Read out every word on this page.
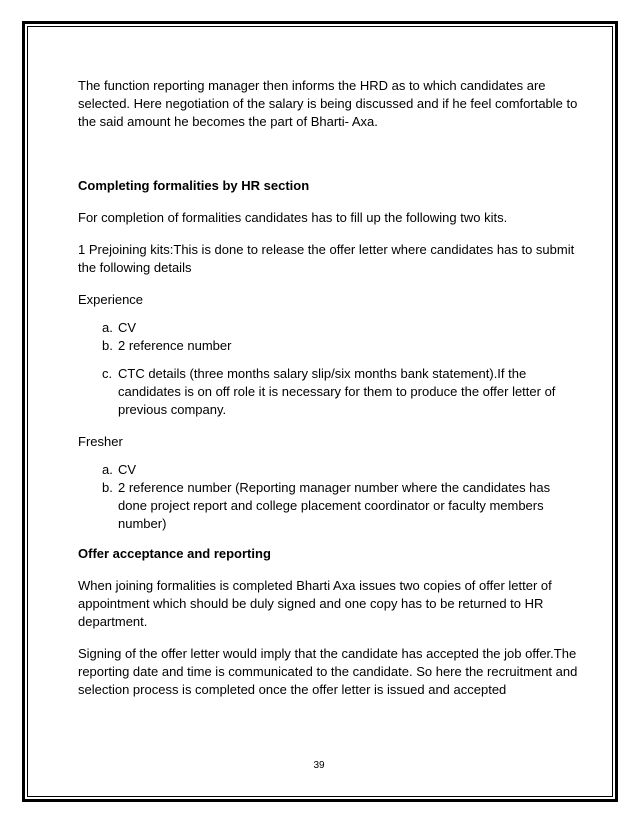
The function reporting manager then informs the HRD as to which candidates are selected. Here negotiation of the salary is being discussed and if he feel comfortable to the said amount he becomes the part of Bharti- Axa.

Completing formalities by HR section

For completion of formalities candidates has to fill up the following two kits.

1 Prejoining kits:This is done to release the offer letter where candidates has to submit the following details

Experience

a. CV
b. 2 reference number
c. CTC details (three months salary slip/six months bank statement).If the candidates is on off role it is necessary for them to produce the offer letter of previous company.

Fresher

a. CV
b. 2 reference number (Reporting manager number where the candidates has done project report and college placement coordinator or faculty members number)

Offer acceptance and reporting

When joining formalities is completed Bharti Axa issues two copies of offer letter of appointment which should be duly signed and one copy has to be returned to HR department.

Signing of the offer letter would imply that the candidate has accepted the job offer.The reporting date and time is communicated to the candidate. So here the recruitment and selection process is completed once the offer letter is issued and accepted

39
